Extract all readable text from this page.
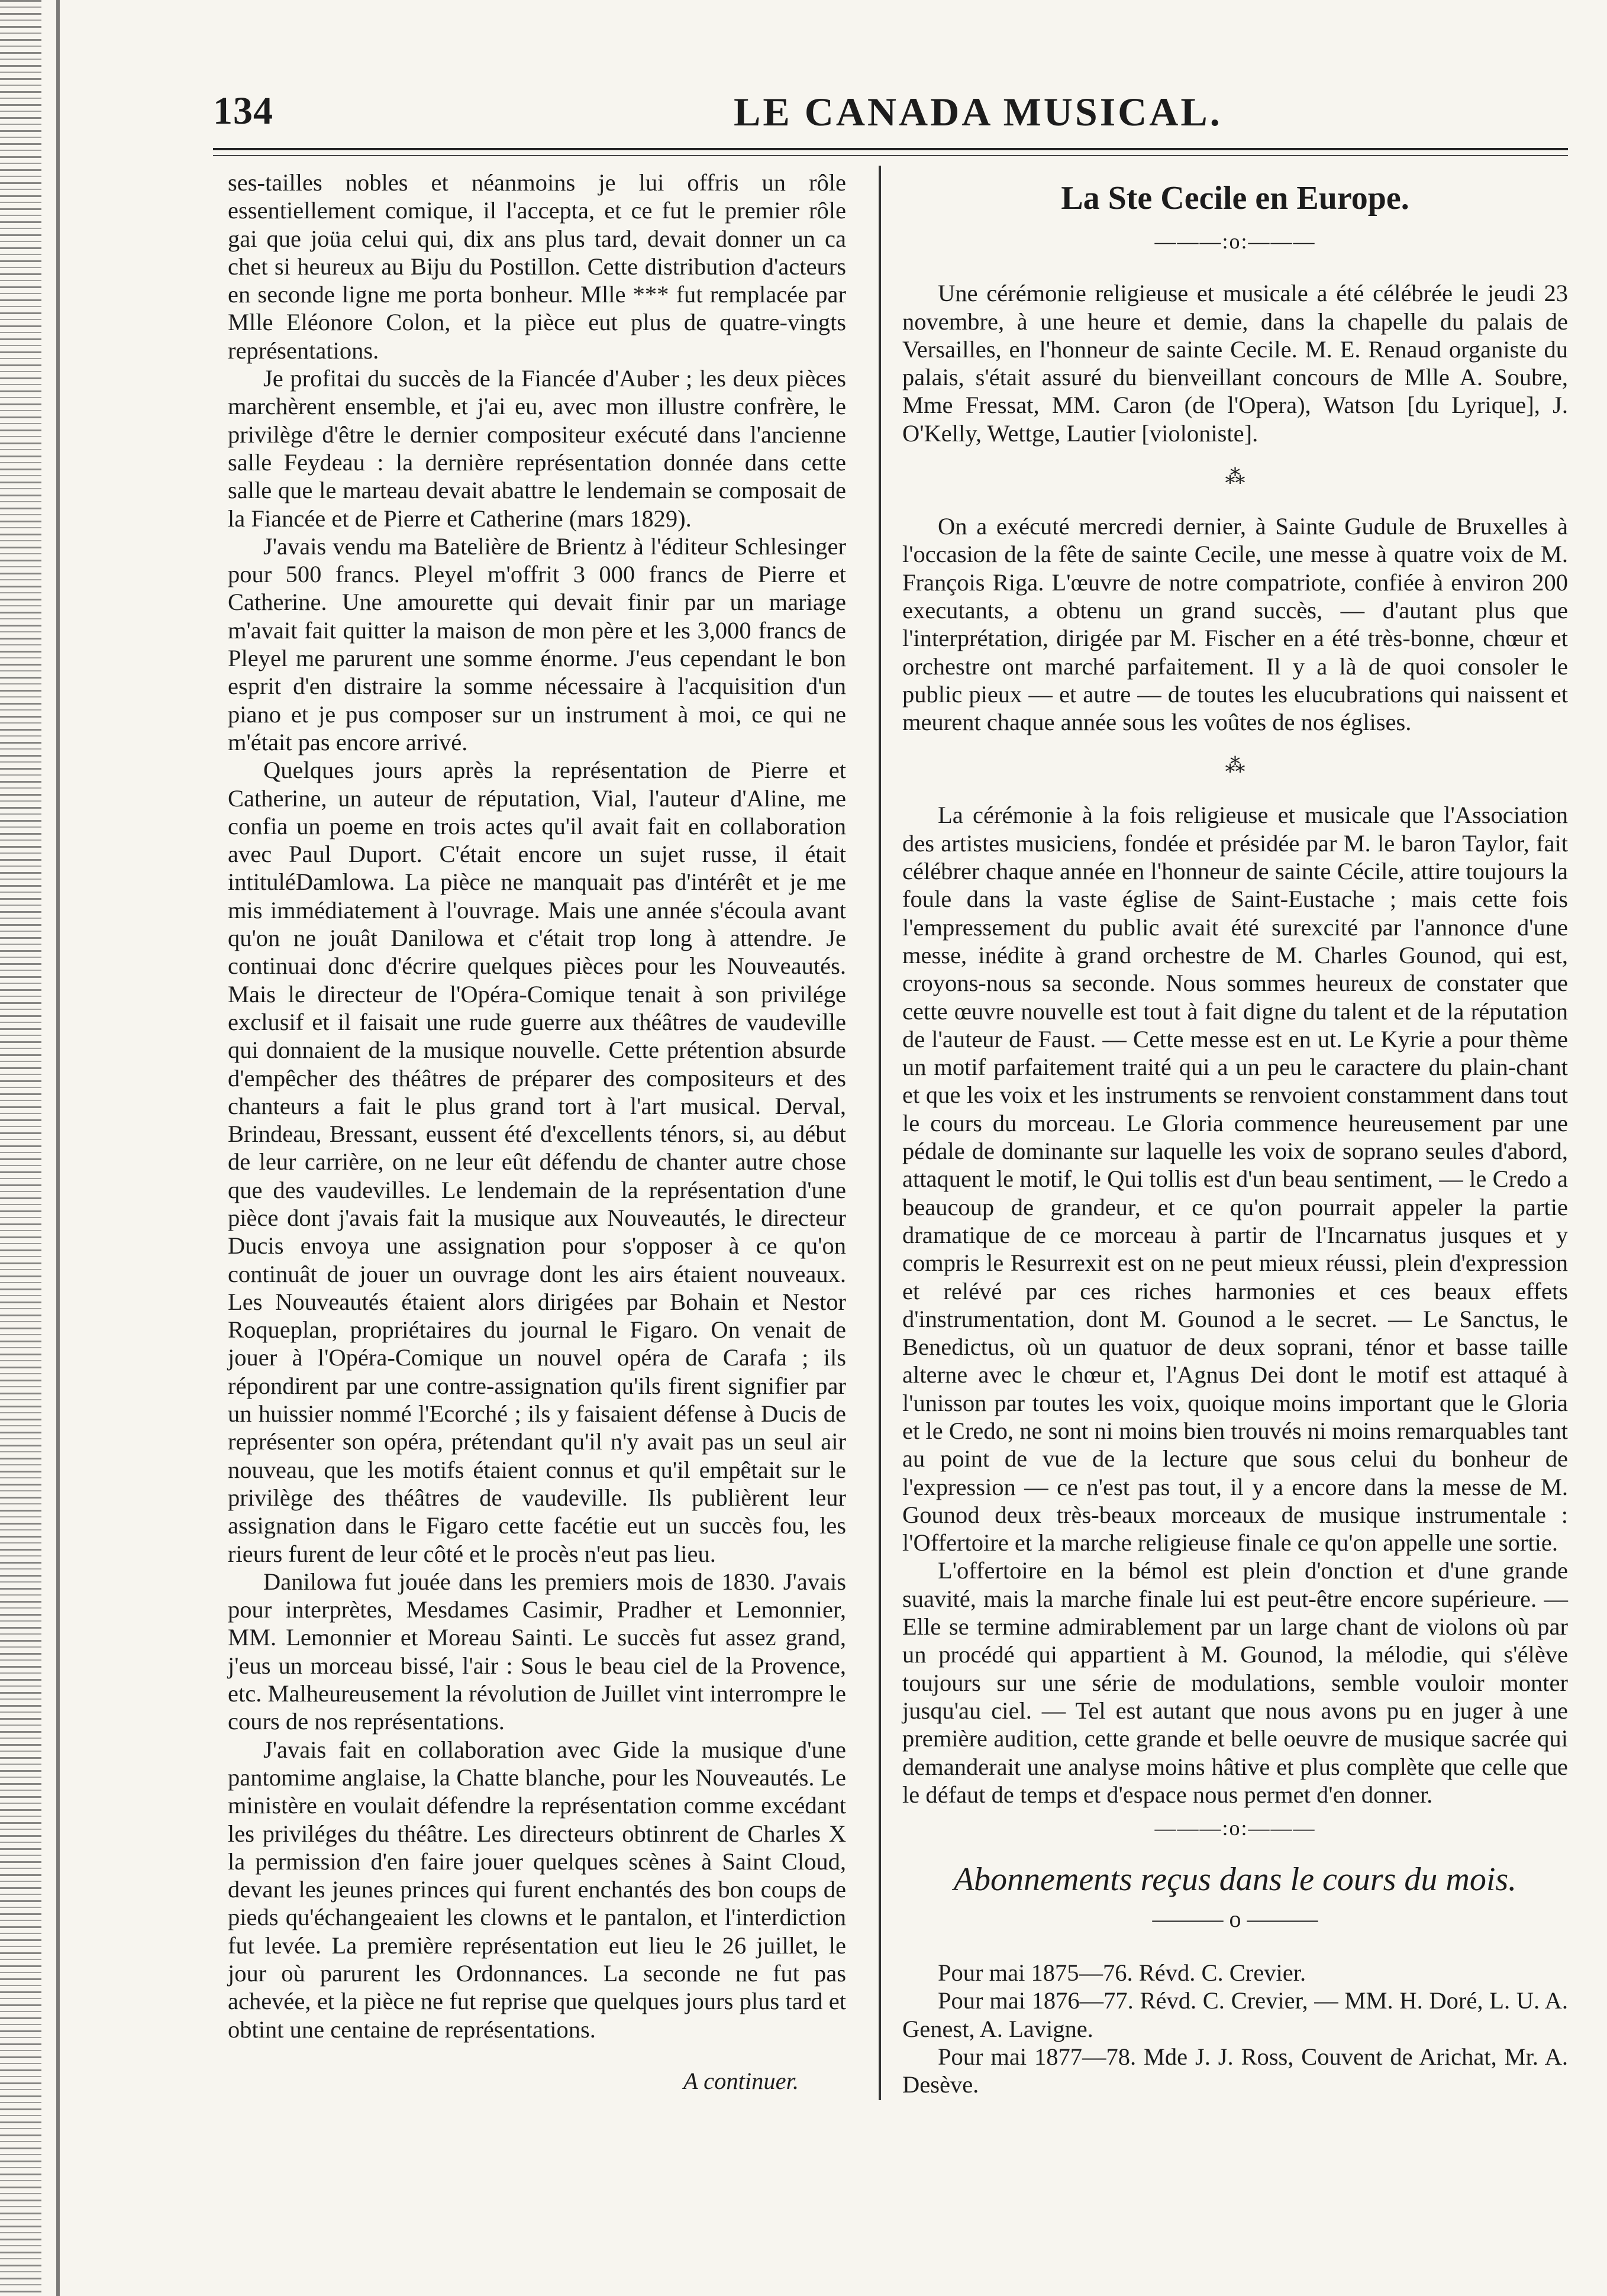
134	LE CANADA MUSICAL.

ses-tailles nobles et néanmoins je lui offris un rôle essentiellement comique, il l'accepta, et ce fut le premier rôle gai que joüa celui qui, dix ans plus tard, devait donner un ca chet si heureux au Biju du Postillon. Cette distribution d'acteurs en seconde ligne me porta bonheur. Mlle *** fut remplacée par Mlle Eléonore Colon, et la pièce eut plus de quatre-vingts représentations.

Je profitai du succès de la Fiancée d'Auber ; les deux pièces marchèrent ensemble, et j'ai eu, avec mon illustre confrère, le privilège d'être le dernier compositeur exécuté dans l'ancienne salle Feydeau : la dernière représentation donnée dans cette salle que le marteau devait abattre le lendemain se composait de la Fiancée et de Pierre et Catherine (mars 1829).

J'avais vendu ma Batelière de Brientz à l'éditeur Schlesinger pour 500 francs. Pleyel m'offrit 3 000 francs de Pierre et Catherine. Une amourette qui devait finir par un mariage m'avait fait quitter la maison de mon père et les 3,000 francs de Pleyel me parurent une somme énorme. J'eus cependant le bon esprit d'en distraire la somme nécessaire à l'acquisition d'un piano et je pus composer sur un instrument à moi, ce qui ne m'était pas encore arrivé.

Quelques jours après la représentation de Pierre et Catherine, un auteur de réputation, Vial, l'auteur d'Aline, me confia un poeme en trois actes qu'il avait fait en collaboration avec Paul Duport. C'était encore un sujet russe, il était intituléDamlowa. La pièce ne manquait pas d'intérêt et je me mis immédiatement à l'ouvrage. Mais une année s'écoula avant qu'on ne jouât Danilowa et c'était trop long à attendre. Je continuai donc d'écrire quelques pièces pour les Nouveautés. Mais le directeur de l'Opéra-Comique tenait à son privilége exclusif et il faisait une rude guerre aux théâtres de vaudeville qui donnaient de la musique nouvelle. Cette prétention absurde d'empêcher des théâtres de préparer des compositeurs et des chanteurs a fait le plus grand tort à l'art musical. Derval, Brindeau, Bressant, eussent été d'excellents ténors, si, au début de leur carrière, on ne leur eût défendu de chanter autre chose que des vaudevilles. Le lendemain de la représentation d'une pièce dont j'avais fait la musique aux Nouveautés, le directeur Ducis envoya une assignation pour s'opposer à ce qu'on continuât de jouer un ouvrage dont les airs étaient nouveaux. Les Nouveautés étaient alors dirigées par Bohain et Nestor Roqueplan, propriétaires du journal le Figaro. On venait de jouer à l'Opéra-Comique un nouvel opéra de Carafa ; ils répondirent par une contre-assignation qu'ils firent signifier par un huissier nommé l'Ecorché ; ils y faisaient défense à Ducis de représenter son opéra, prétendant qu'il n'y avait pas un seul air nouveau, que les motifs étaient connus et qu'il empêtait sur le privilège des théâtres de vaudeville. Ils publièrent leur assignation dans le Figaro cette facétie eut un succès fou, les rieurs furent de leur côté et le procès n'eut pas lieu.

Danilowa fut jouée dans les premiers mois de 1830. J'avais pour interprètes, Mesdames Casimir, Pradher et Lemonnier, MM. Lemonnier et Moreau Sainti. Le succès fut assez grand, j'eus un morceau bissé, l'air : Sous le beau ciel de la Provence, etc. Malheureusement la révolution de Juillet vint interrompre le cours de nos représentations.

J'avais fait en collaboration avec Gide la musique d'une pantomime anglaise, la Chatte blanche, pour les Nouveautés. Le ministère en voulait défendre la représentation comme excédant les priviléges du théâtre. Les directeurs obtinrent de Charles X la permission d'en faire jouer quelques scènes à Saint Cloud, devant les jeunes princes qui furent enchantés des bon coups de pieds qu'échangeaient les clowns et le pantalon, et l'interdiction fut levée. La première représentation eut lieu le 26 juillet, le jour où parurent les Ordonnances. La seconde ne fut pas achevée, et la pièce ne fut reprise que quelques jours plus tard et obtint une centaine de représentations.

A continuer.
La Ste Cecile en Europe.
———:o:———

Une cérémonie religieuse et musicale a été célébrée le jeudi 23 novembre, à une heure et demie, dans la chapelle du palais de Versailles, en l'honneur de sainte Cecile. M. E. Renaud organiste du palais, s'était assuré du bienveillant concours de Mlle A. Soubre, Mme Fressat, MM. Caron (de l'Opera), Watson [du Lyrique], J. O'Kelly, Wettge, Lautier [violoniste].

⁂

On a exécuté mercredi dernier, à Sainte Gudule de Bruxelles à l'occasion de la fête de sainte Cecile, une messe à quatre voix de M. François Riga. L'œuvre de notre compatriote, confiée à environ 200 executants, a obtenu un grand succès, — d'autant plus que l'interprétation, dirigée par M. Fischer en a été très-bonne, chœur et orchestre ont marché parfaitement. Il y a là de quoi consoler le public pieux — et autre — de toutes les elucubrations qui naissent et meurent chaque année sous les voûtes de nos églises.

⁂

La cérémonie à la fois religieuse et musicale que l'Association des artistes musiciens, fondée et présidée par M. le baron Taylor, fait célébrer chaque année en l'honneur de sainte Cécile, attire toujours la foule dans la vaste église de Saint-Eustache ; mais cette fois l'empressement du public avait été surexcité par l'annonce d'une messe, inédite à grand orchestre de M. Charles Gounod, qui est, croyons-nous sa seconde. Nous sommes heureux de constater que cette œuvre nouvelle est tout à fait digne du talent et de la réputation de l'auteur de Faust. — Cette messe est en ut. Le Kyrie a pour thème un motif parfaitement traité qui a un peu le caractere du plain-chant et que les voix et les instruments se renvoient constamment dans tout le cours du morceau. Le Gloria commence heureusement par une pédale de dominante sur laquelle les voix de soprano seules d'abord, attaquent le motif, le Qui tollis est d'un beau sentiment, — le Credo a beaucoup de grandeur, et ce qu'on pourrait appeler la partie dramatique de ce morceau à partir de l'Incarnatus jusques et y compris le Resurrexit est on ne peut mieux réussi, plein d'expression et relévé par ces riches harmonies et ces beaux effets d'instrumentation, dont M. Gounod a le secret. — Le Sanctus, le Benedictus, où un quatuor de deux soprani, ténor et basse taille alterne avec le chœur et, l'Agnus Dei dont le motif est attaqué à l'unisson par toutes les voix, quoique moins important que le Gloria et le Credo, ne sont ni moins bien trouvés ni moins remarquables tant au point de vue de la lecture que sous celui du bonheur de l'expression — ce n'est pas tout, il y a encore dans la messe de M. Gounod deux très-beaux morceaux de musique instrumentale : l'Offertoire et la marche religieuse finale ce qu'on appelle une sortie.

L'offertoire en la bémol est plein d'onction et d'une grande suavité, mais la marche finale lui est peut-être encore supérieure. — Elle se termine admirablement par un large chant de violons où par un procédé qui appartient à M. Gounod, la mélodie, qui s'élève toujours sur une série de modulations, semble vouloir monter jusqu'au ciel. — Tel est autant que nous avons pu en juger à une première audition, cette grande et belle oeuvre de musique sacrée qui demanderait une analyse moins hâtive et plus complète que celle que le défaut de temps et d'espace nous permet d'en donner.

———:o:———
Abonnements reçus dans le cours du mois.
——— o ———

Pour mai 1875—76. Révd. C. Crevier.

Pour mai 1876—77. Révd. C. Crevier, — MM. H. Doré, L. U. A. Genest, A. Lavigne.

Pour mai 1877—78. Mde J. J. Ross, Couvent de Arichat, Mr. A. Desève.
